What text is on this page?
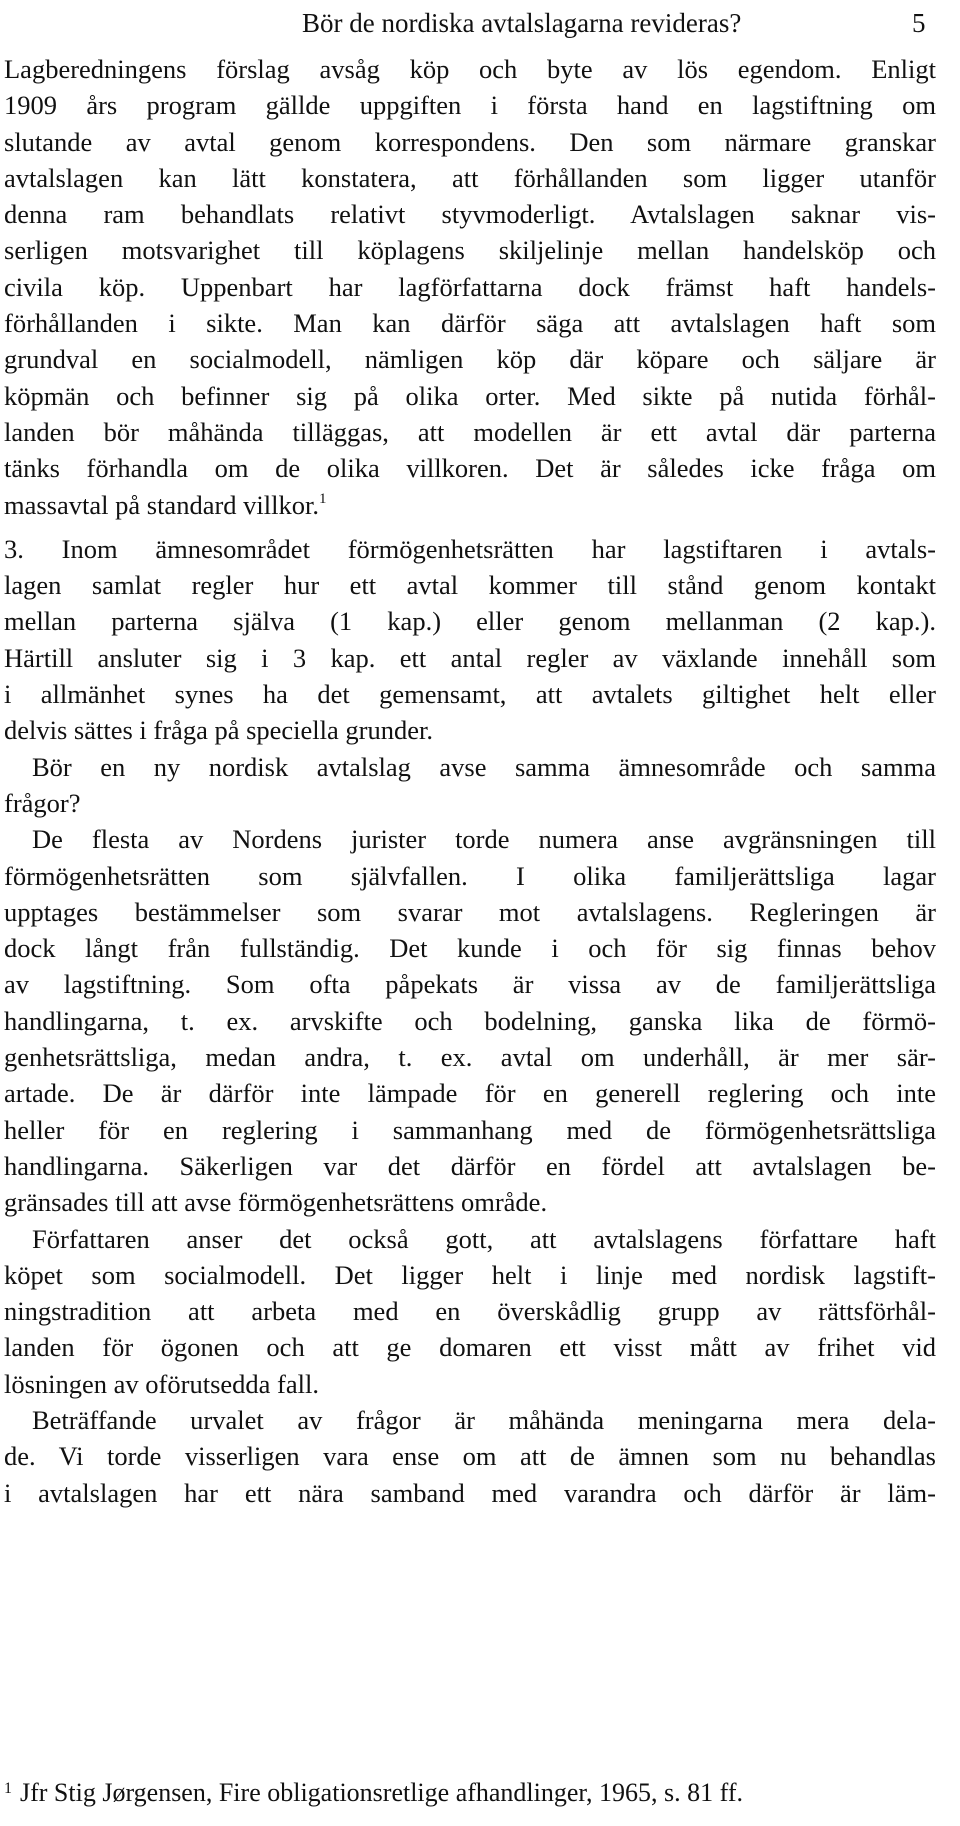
Bör de nordiska avtalslagarna revideras?	5
Lagberedningens förslag avsåg köp och byte av lös egendom. Enligt
1909 års program gällde uppgiften i första hand en lagstiftning om
slutande av avtal genom korrespondens. Den som närmare granskar
avtalslagen kan lätt konstatera, att förhållanden som ligger utanför
denna ram behandlats relativt styvmoderligt. Avtalslagen saknar vis-
serligen motsvarighet till köplagens skiljelinje mellan handelsköp och
civila köp. Uppenbart har lagförfattarna dock främst haft handels-
förhållanden i sikte. Man kan därför säga att avtalslagen haft som
grundval en socialmodell, nämligen köp där köpare och säljare är
köpmän och befinner sig på olika orter. Med sikte på nutida förhål-
landen bör måhända tilläggas, att modellen är ett avtal där parterna
tänks förhandla om de olika villkoren. Det är således icke fråga om
massavtal på standard villkor.$^1$
3. Inom ämnesområdet förmögenhetsrätten har lagstiftaren i avtals-
lagen samlat regler hur ett avtal kommer till stånd genom kontakt
mellan parterna själva (1 kap.) eller genom mellanman (2 kap.).
Härtill ansluter sig i 3 kap. ett antal regler av växlande innehåll som
i allmänhet synes ha det gemensamt, att avtalets giltighet helt eller
delvis sättes i fråga på speciella grunder.
Bör en ny nordisk avtalslag avse samma ämnesområde och samma
frågor?
De flesta av Nordens jurister torde numera anse avgränsningen till
förmögenhetsrätten som självfallen. I olika familjerättsliga lagar
upptages bestämmelser som svarar mot avtalslagens. Regleringen är
dock långt från fullständig. Det kunde i och för sig finnas behov
av lagstiftning. Som ofta påpekats är vissa av de familjerättsliga
handlingarna, t. ex. arvskifte och bodelning, ganska lika de förmö-
genhetsrättsliga, medan andra, t. ex. avtal om underhåll, är mer sär-
artade. De är därför inte lämpade för en generell reglering och inte
heller för en reglering i sammanhang med de förmögenhetsrättsliga
handlingarna. Säkerligen var det därför en fördel att avtalslagen be-
gränsades till att avse förmögenhetsrättens område.
Författaren anser det också gott, att avtalslagens författare haft
köpet som socialmodell. Det ligger helt i linje med nordisk lagstift-
ningstradition att arbeta med en överskådlig grupp av rättsförhål-
landen för ögonen och att ge domaren ett visst mått av frihet vid
lösningen av oförutsedda fall.
Beträffande urvalet av frågor är måhända meningarna mera dela-
de. Vi torde visserligen vara ense om att de ämnen som nu behandlas
i avtalslagen har ett nära samband med varandra och därför är läm-
$^1$ Jfr Stig Jørgensen, Fire obligationsretlige afhandlinger, 1965, s. 81 ff.
